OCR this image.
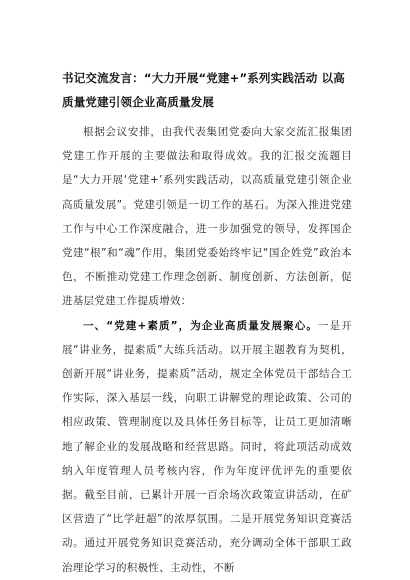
书记交流发言：“大力开展“党建+”系列实践活动 以高
质量党建引领企业高质量发展

根据会议安排，由我代表集团党委向大家交流汇报集团党建工作开展的主要做法和取得成效。我的汇报交流题目是“大力开展‘党建+’系列实践活动，以高质量党建引领企业高质量发展”。党建引领是一切工作的基石。为深入推进党建工作与中心工作深度融合，进一步加强党的领导，发挥国企党建“根”和“魂”作用，集团党委始终牢记“国企姓党”政治本色，不断推动党建工作理念创新、制度创新、方法创新，促进基层党建工作提质增效：

一、“党建+素质”，为企业高质量发展聚心。一是开展“讲业务，提素质”大练兵活动。以开展主题教育为契机，创新开展“讲业务，提素质”活动，规定全体党员干部结合工作实际，深入基层一线，向职工讲解党的理论政策、公司的相应政策、管理制度以及具体任务目标等，让员工更加清晰地了解企业的发展战略和经营思路。同时，将此项活动成效纳入年度管理人员考核内容，作为年度评优评先的重要依据。截至目前，已累计开展一百余场次政策宣讲活动，在矿区营造了“比学赶超”的浓厚氛围。二是开展党务知识竞赛活动。通过开展党务知识竞赛活动，充分调动全体干部职工政治理论学习的积极性、主动性，不断
